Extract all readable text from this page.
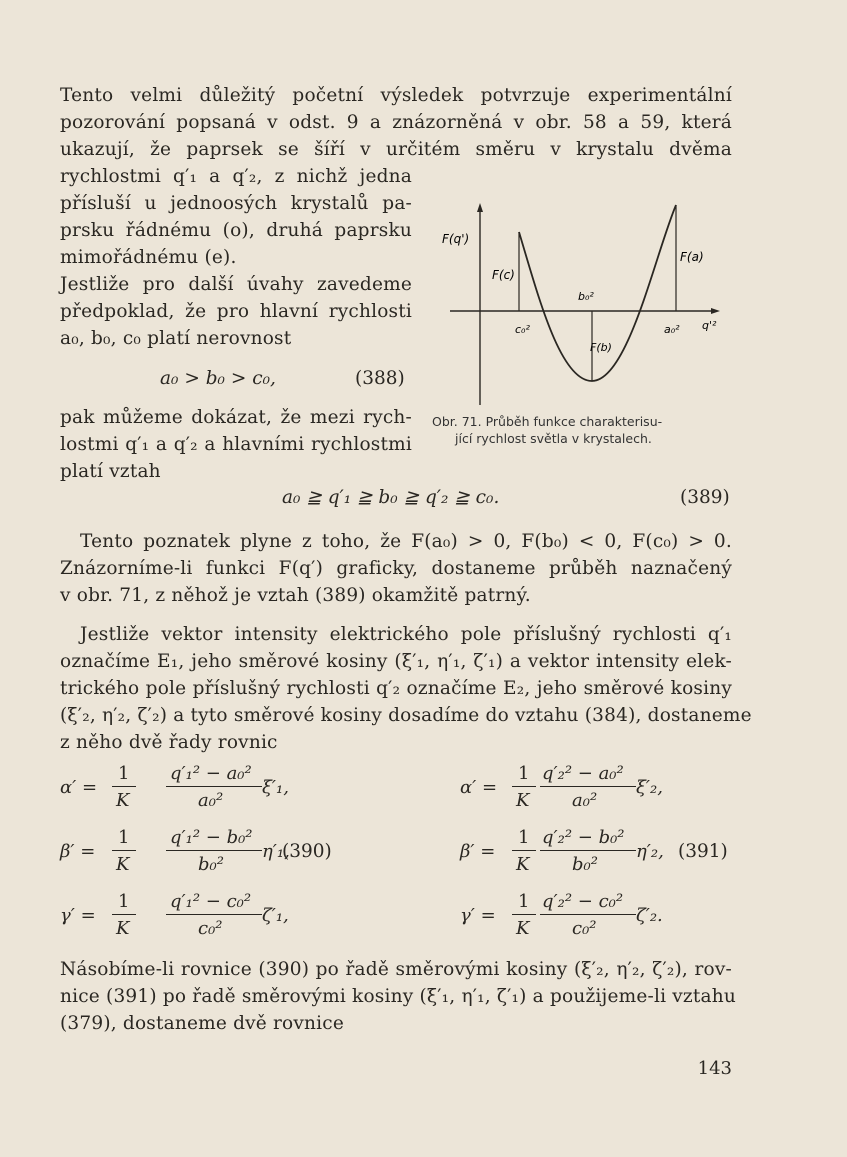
Tento velmi důležitý početní výsledek potvrzuje experimentální
pozorování popsaná v odst. 9 a znázorněná v obr. 58 a 59, která
ukazují, že paprsek se šíří v určitém směru v krystalu dvěma
rychlostmi q′₁ a q′₂, z nichž jedna
přísluší u jednoosých krystalů pa-
prsku řádnému (o), druhá paprsku
mimořádnému (e).
Jestliže pro další úvahy zavedeme
předpoklad, že pro hlavní rychlosti
a₀, b₀, c₀ platí nerovnost
a₀ > b₀ > c₀,	(388)
pak můžeme dokázat, že mezi rych-
lostmi q′₁ a q′₂ a hlavními rychlostmi
platí vztah
F(q')
F(c)
F(a)
F(b)
c₀²
b₀²
a₀² q'²
Obr. 71. Průběh funkce charakterisu-
jící rychlost světla v krystalech.
a₀ ≧ q′₁ ≧ b₀ ≧ q′₂ ≧ c₀.	(389)
Tento poznatek plyne z toho, že F(a₀) > 0, F(b₀) < 0, F(c₀) > 0.
Znázorníme-li funkci F(q′) graficky, dostaneme průběh naznačený
v obr. 71, z něhož je vztah (389) okamžitě patrný.
Jestliže vektor intensity elektrického pole příslušný rychlosti q′₁
označíme E₁, jeho směrové kosiny (ξ′₁, η′₁, ζ′₁) a vektor intensity elek-
trického pole příslušný rychlosti q′₂ označíme E₂, jeho směrové kosiny
(ξ′₂, η′₂, ζ′₂) a tyto směrové kosiny dosadíme do vztahu (384), dostaneme
z něho dvě řady rovnic
α′ =
1
K
q′₁² − a₀²
a₀²
ξ′₁,
β′ =
1
K
q′₁² − b₀²
b₀²
η′₁,
γ′ =
1
K
q′₁² − c₀²
c₀²
ζ′₁,
(390)
α′ =
1
K
q′₂² − a₀²
a₀²
ξ′₂,
β′ =
1
K
q′₂² − b₀²
b₀²
η′₂,
γ′ =
1
K
q′₂² − c₀²
c₀²
ζ′₂.
(391)
Násobíme-li rovnice (390) po řadě směrovými kosiny (ξ′₂, η′₂, ζ′₂), rov-
nice (391) po řadě směrovými kosiny (ξ′₁, η′₁, ζ′₁) a použijeme-li vztahu
(379), dostaneme dvě rovnice
143
